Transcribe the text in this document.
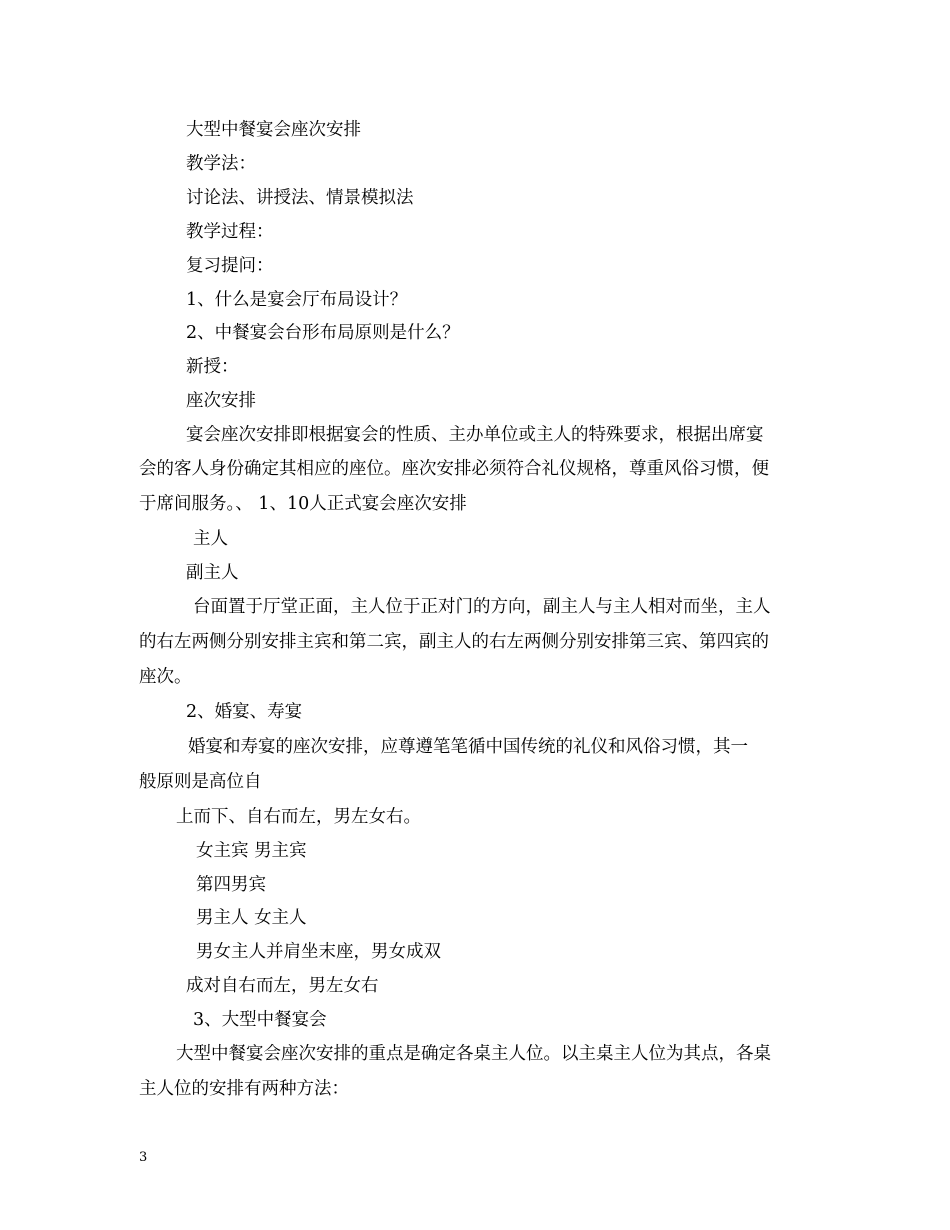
大型中餐宴会座次安排
教学法：
讨论法、讲授法、情景模拟法
教学过程：
复习提问：
1、什么是宴会厅布局设计？
2、中餐宴会台形布局原则是什么？
新授：
座次安排
宴会座次安排即根据宴会的性质、主办单位或主人的特殊要求，根据出席宴
会的客人身份确定其相应的座位。座次安排必须符合礼仪规格，尊重风俗习惯，便
于席间服务。、 1、10人正式宴会座次安排
主人
副主人
台面置于厅堂正面，主人位于正对门的方向，副主人与主人相对而坐，主人
的右左两侧分别安排主宾和第二宾，副主人的右左两侧分别安排第三宾、第四宾的
座次。
2、婚宴、寿宴
婚宴和寿宴的座次安排，应尊遵笔笔循中国传统的礼仪和风俗习惯，其一
般原则是高位自
上而下、自右而左，男左女右。
女主宾 男主宾
第四男宾
男主人 女主人
男女主人并肩坐末座，男女成双
成对自右而左，男左女右
3、大型中餐宴会
大型中餐宴会座次安排的重点是确定各桌主人位。以主桌主人位为其点，各桌
主人位的安排有两种方法：
3
